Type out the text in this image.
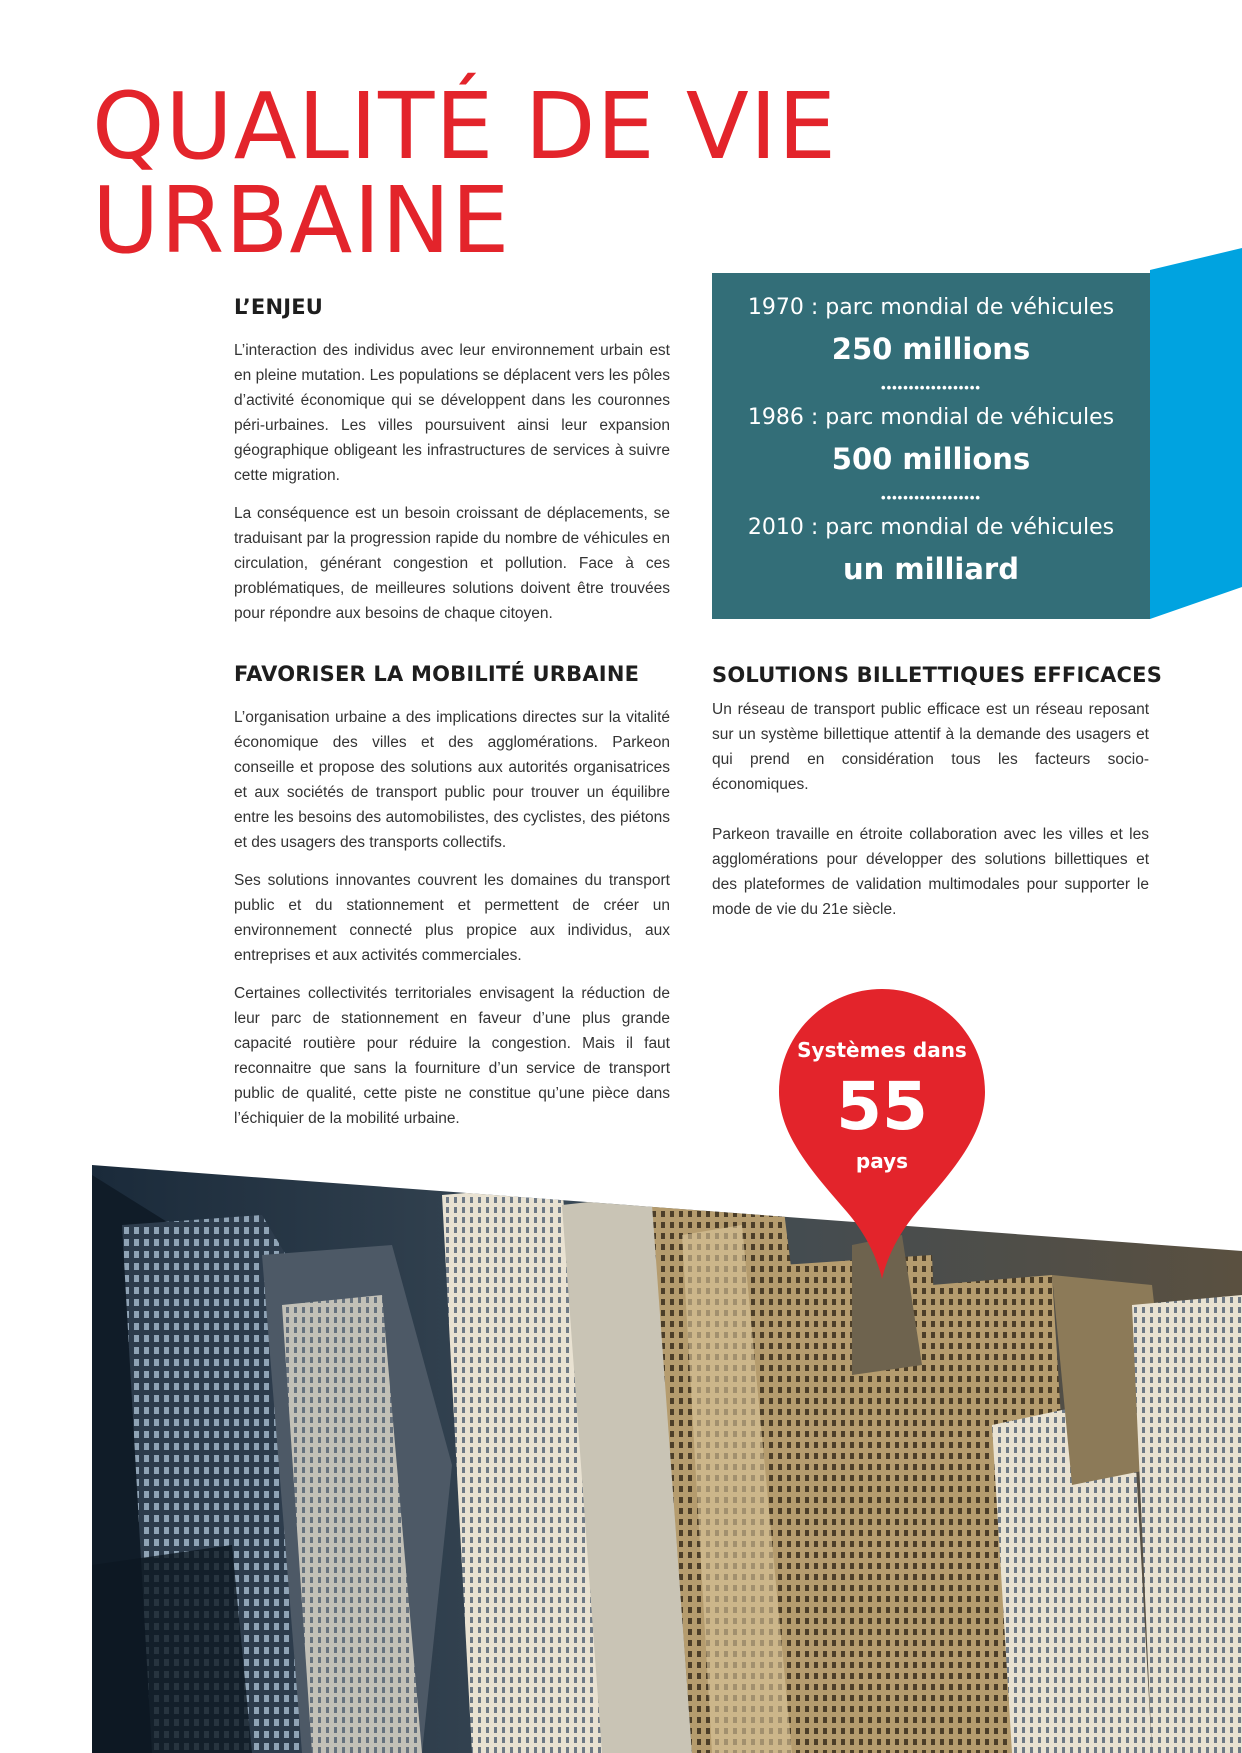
QUALITÉ DE VIE
URBAINE
L’ENJEU

L’interaction des individus avec leur environnement urbain est en pleine mutation. Les populations se déplacent vers les pôles d’activité économique qui se développent dans les couronnes péri-urbaines. Les villes poursuivent ainsi leur expansion géographique obligeant les infrastructures de services à suivre cette migration.

La conséquence est un besoin croissant de déplacements, se traduisant par la progression rapide du nombre de véhicules en circulation, générant congestion et pollution. Face à ces problématiques, de meilleures solutions doivent être trouvées pour répondre aux besoins de chaque citoyen.

1970 : parc mondial de véhicules
250 millions
••••••••••••••••••
1986 : parc mondial de véhicules
500 millions
••••••••••••••••••
2010 : parc mondial de véhicules
un milliard
FAVORISER LA MOBILITÉ URBAINE

L’organisation urbaine a des implications directes sur la vitalité économique des villes et des agglomérations. Parkeon conseille et propose des solutions aux autorités organisatrices et aux sociétés de transport public pour trouver un équilibre entre les besoins des automobilistes, des cyclistes, des piétons et des usagers des transports collectifs.

Ses solutions innovantes couvrent les domaines du transport public et du stationnement et permettent de créer un environnement connecté plus propice aux individus, aux entreprises et aux activités commerciales.

Certaines collectivités territoriales envisagent la réduction de leur parc de stationnement en faveur d’une plus grande capacité routière pour réduire la congestion. Mais il faut reconnaitre que sans la fourniture d’un service de transport public de qualité, cette piste ne constitue qu’une pièce dans l’échiquier de la mobilité urbaine.

SOLUTIONS BILLETTIQUES EFFICACES

Un réseau de transport public efficace est un réseau reposant sur un système billettique attentif à la demande des usagers et qui prend en considération tous les facteurs socio-économiques.

Parkeon travaille en étroite collaboration avec les villes et les agglomérations pour développer des solutions billettiques et des plateformes de validation multimodales pour supporter le mode de vie du 21e siècle.

Systèmes dans
55
pays
